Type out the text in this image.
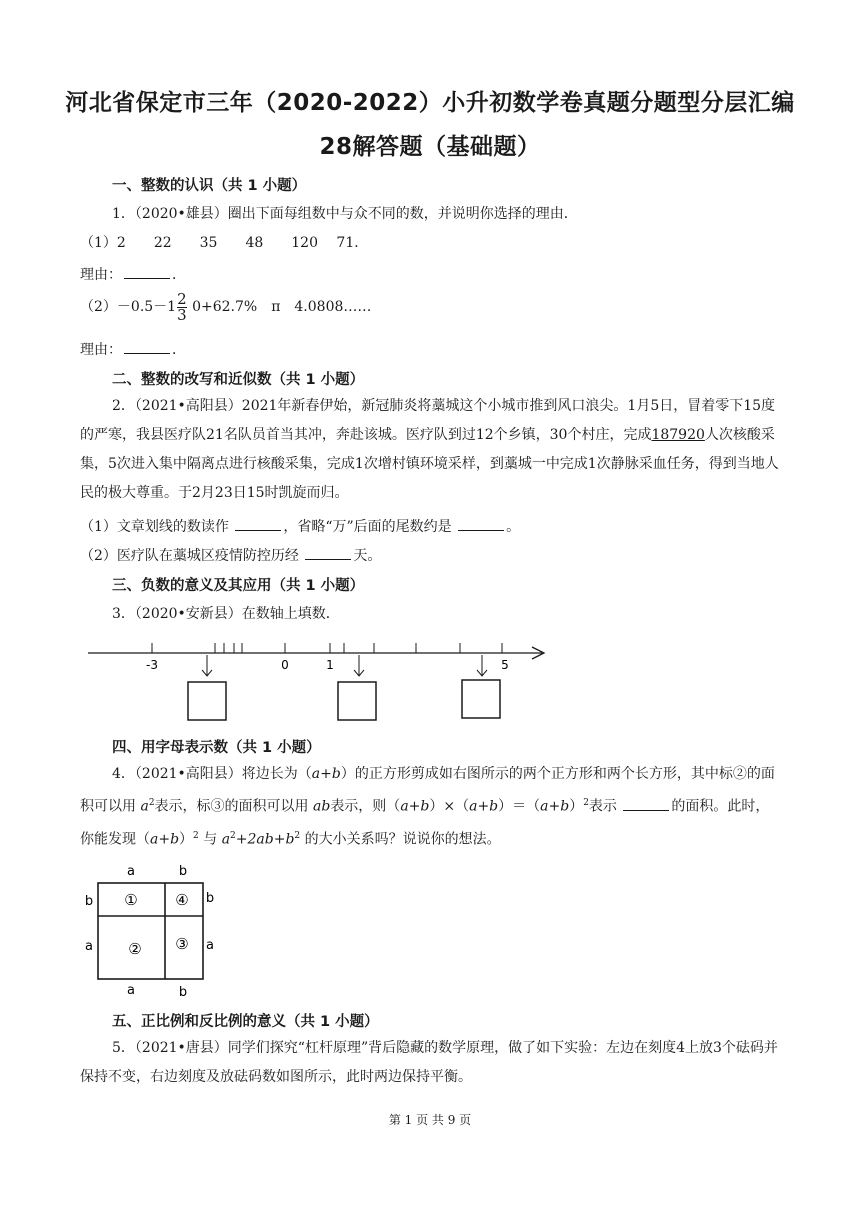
河北省保定市三年（2020-2022）小升初数学卷真题分题型分层汇编
28解答题（基础题）
一、整数的认识（共 1 小题）
1．（2020•雄县）圈出下面每组数中与众不同的数，并说明你选择的理由．
（1）2　　22　　35　　48　　120　 71．
理由：	．
$(2)-0.5-1 \frac{2}{3} 0+62.7\%$　π　4.0808……
理由：	．
二、整数的改写和近似数（共 1 小题）
2．（2021•高阳县）2021年新春伊始，新冠肺炎将藁城这个小城市推到风口浪尖。1月5日，冒着零下15度的严寒，我县医疗队21名队员首当其冲，奔赴该城。医疗队到过12个乡镇，30个村庄，完成187920人次核酸采集，5次进入集中隔离点进行核酸采集，完成1次增村镇环境采样，到藁城一中完成1次静脉采血任务，得到当地人民的极大尊重。于2月23日15时凯旋而归。
（1）文章划线的数读作	，省略“万”后面的尾数约是	。
（2）医疗队在藁城区疫情防控历经	天。
三、负数的意义及其应用（共 1 小题）
3．（2020•安新县）在数轴上填数．
-3	0	1	5
四、用字母表示数（共 1 小题）
4．（2021•高阳县）将边长为（a+b）的正方形剪成如右图所示的两个正方形和两个长方形，其中标②的面积可以用 $a^2$表示，标③的面积可以用 ab表示，则$(a+b)\times(a+b)=(a+b)^2$表示	的面积。此时，你能发现$(a+b)^2$ 与 $a^2+2ab+b^2$ 的大小关系吗？说说你的想法。
a	b
a	b
b
a
b
a
①	④
② ③
五、正比例和反比例的意义（共 1 小题）
5．（2021•唐县）同学们探究“杠杆原理”背后隐藏的数学原理，做了如下实验：左边在刻度4上放3个砝码并保持不变，右边刻度及放砝码数如图所示，此时两边保持平衡。
第 1 页 共 9 页
